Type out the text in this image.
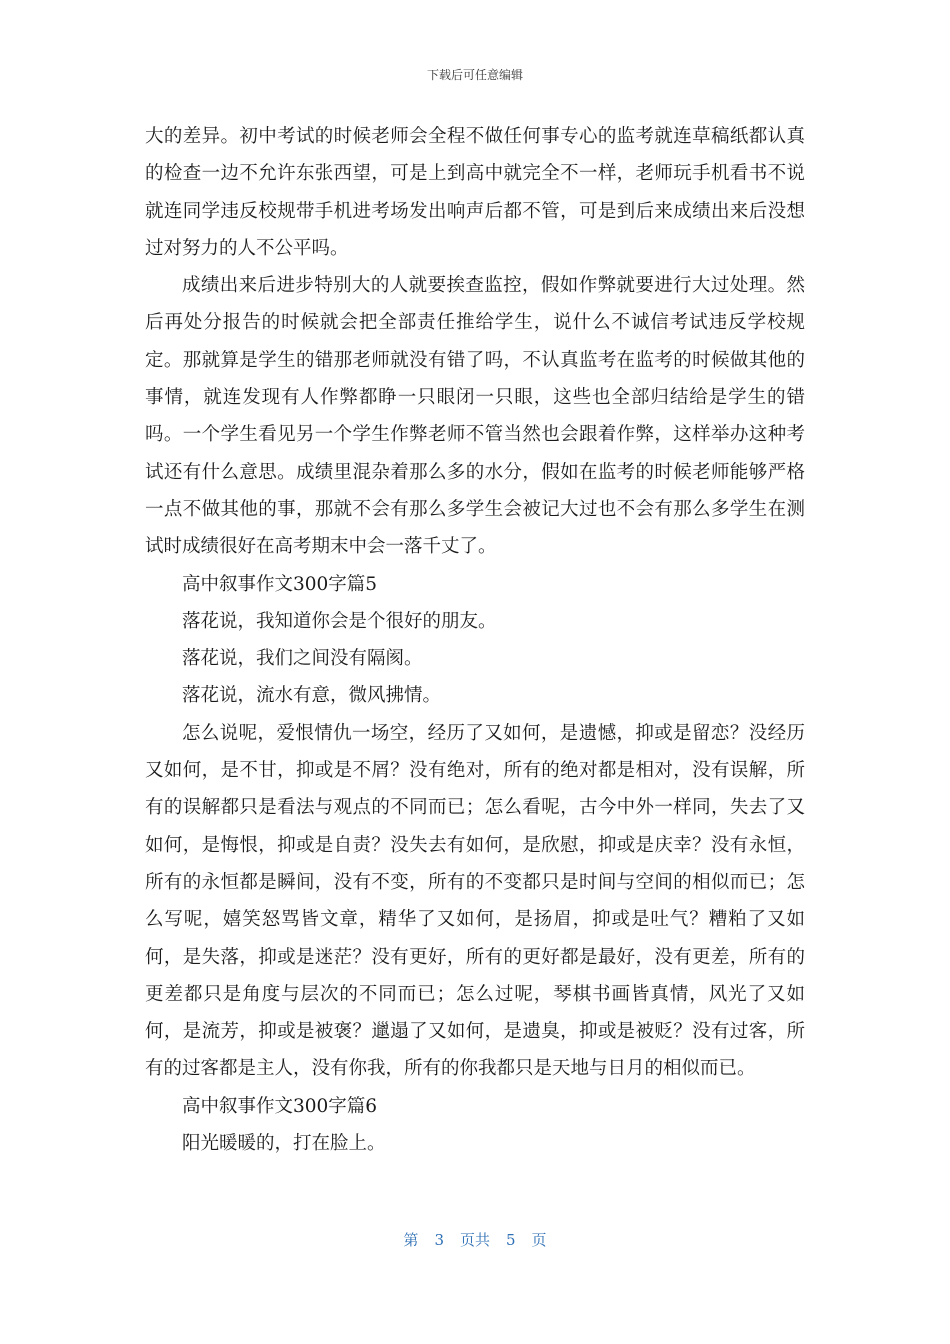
下载后可任意编辑

大的差异。初中考试的时候老师会全程不做任何事专心的监考就连草稿纸都认真的检查一边不允许东张西望，可是上到高中就完全不一样，老师玩手机看书不说就连同学违反校规带手机进考场发出响声后都不管，可是到后来成绩出来后没想过对努力的人不公平吗。

成绩出来后进步特别大的人就要挨查监控，假如作弊就要进行大过处理。然后再处分报告的时候就会把全部责任推给学生，说什么不诚信考试违反学校规定。那就算是学生的错那老师就没有错了吗，不认真监考在监考的时候做其他的事情，就连发现有人作弊都睁一只眼闭一只眼，这些也全部归结给是学生的错吗。一个学生看见另一个学生作弊老师不管当然也会跟着作弊，这样举办这种考试还有什么意思。成绩里混杂着那么多的水分，假如在监考的时候老师能够严格一点不做其他的事，那就不会有那么多学生会被记大过也不会有那么多学生在测试时成绩很好在高考期末中会一落千丈了。

高中叙事作文300字篇5

落花说，我知道你会是个很好的朋友。

落花说，我们之间没有隔阂。

落花说，流水有意，微风拂情。

怎么说呢，爱恨情仇一场空，经历了又如何，是遗憾，抑或是留恋？没经历又如何，是不甘，抑或是不屑？没有绝对，所有的绝对都是相对，没有误解，所有的误解都只是看法与观点的不同而已；怎么看呢，古今中外一样同，失去了又如何，是悔恨，抑或是自责？没失去有如何，是欣慰，抑或是庆幸？没有永恒，所有的永恒都是瞬间，没有不变，所有的不变都只是时间与空间的相似而已；怎么写呢，嬉笑怒骂皆文章，精华了又如何，是扬眉，抑或是吐气？糟粕了又如何，是失落，抑或是迷茫？没有更好，所有的更好都是最好，没有更差，所有的更差都只是角度与层次的不同而已；怎么过呢，琴棋书画皆真情，风光了又如何，是流芳，抑或是被褒？邋遢了又如何，是遗臭，抑或是被贬？没有过客，所有的过客都是主人，没有你我，所有的你我都只是天地与日月的相似而已。

高中叙事作文300字篇6

阳光暖暖的，打在脸上。

第 3 页共 5 页
